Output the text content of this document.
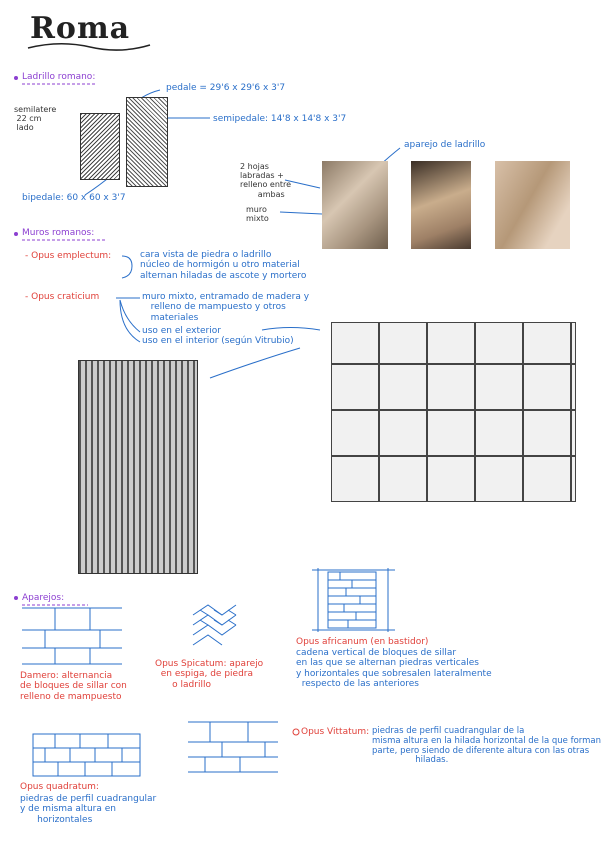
Roma
Ladrillo romano:
pedale = 29'6 x 29'6 x 3'7
semilatere
22 cm
lado
semipedale: 14'8 x 14'8 x 3'7
bipedale: 60 x 60 x 3'7
aparejo de ladrillo
2 hojas
labradas +
relleno entre
ambas
muro
mixto
Muros romanos:
- Opus emplectum:	cara vista de piedra o ladrillo
núcleo de hormigón u otro material
alternan hiladas de ascote y mortero
- Opus craticium	muro mixto, entramado de madera y
relleno de mampuesto y otros
materiales
uso en el exterior
uso en el interior (según Vitrubio)
Aparejos:
Damero: alternancia
de bloques de sillar con
relleno de mampuesto
Opus Spicatum: aparejo
en espiga, de piedra
o ladrillo
Opus africanum (en bastidor)
cadena vertical de bloques de sillar
en las que se alternan piedras verticales
y horizontales que sobresalen lateralmente
respecto de las anteriores
Opus Vittatum: piedras de perfil cuadrangular de la
misma altura en la hilada horizontal de la que forman
parte, pero siendo de diferente altura con las otras
hiladas.
Opus quadratum:
piedras de perfil cuadrangular
y de misma altura en
horizontales
